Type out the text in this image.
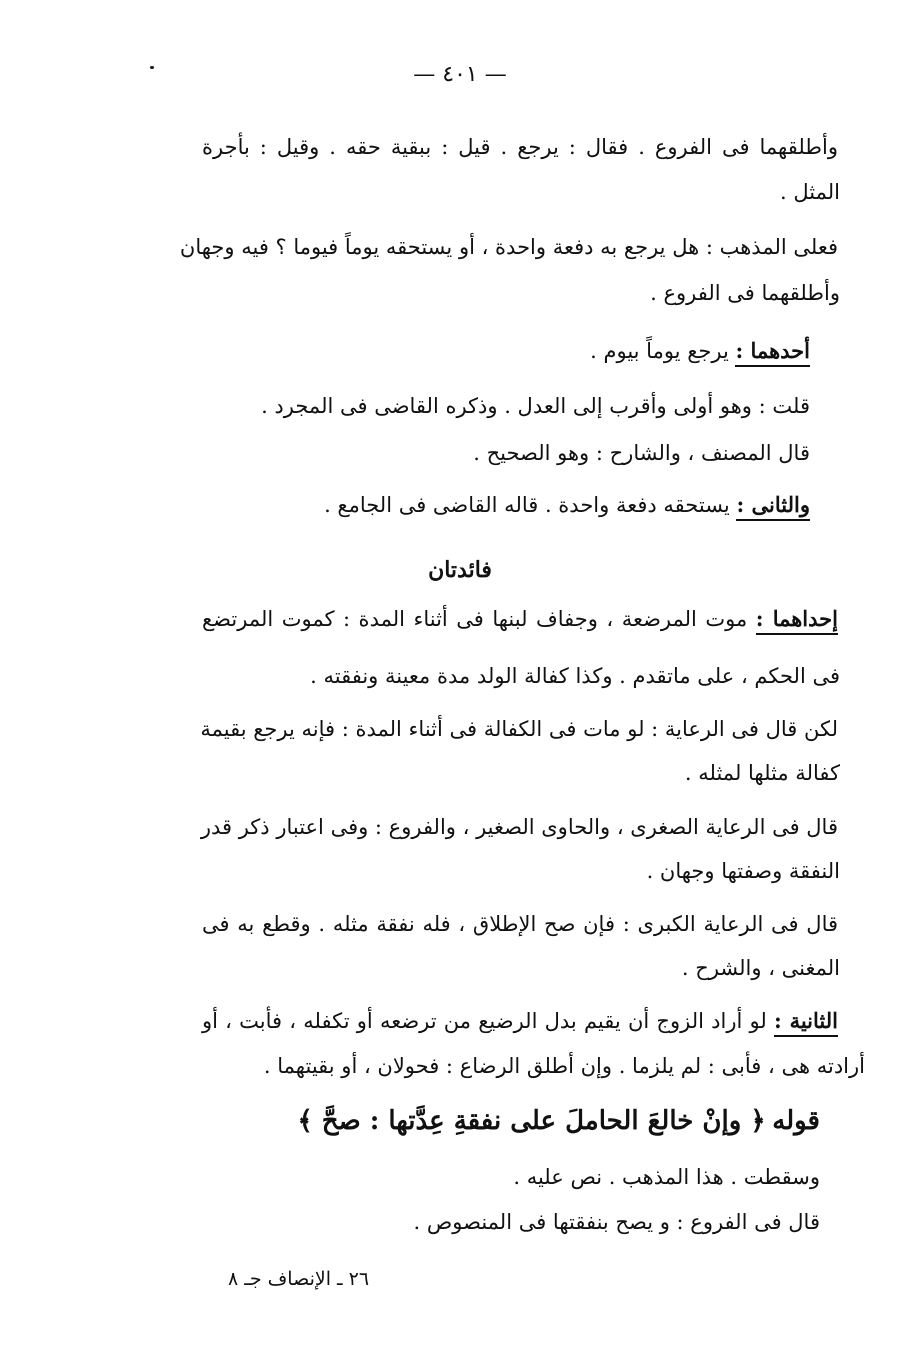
— ٤٠١ —
وأطلقهما فى الفروع . فقال : يرجع . قيل : ببقية حقه . وقيل : بأجرة
المثل .
فعلى المذهب : هل يرجع به دفعة واحدة ، أو يستحقه يوماً فيوما ؟ فيه وجهان
وأطلقهما فى الفروع .
أحدهما : يرجع يوماً بيوم .
قلت : وهو أولى وأقرب إلى العدل . وذكره القاضى فى المجرد .
قال المصنف ، والشارح : وهو الصحيح .
والثانى : يستحقه دفعة واحدة . قاله القاضى فى الجامع .
فائدتان
إحداهما : موت المرضعة ، وجفاف لبنها فى أثناء المدة : كموت المرتضع
فى الحكم ، على ماتقدم . وكذا كفالة الولد مدة معينة ونفقته .
لكن قال فى الرعاية : لو مات فى الكفالة فى أثناء المدة : فإنه يرجع بقيمة
كفالة مثلها لمثله .
قال فى الرعاية الصغرى ، والحاوى الصغير ، والفروع : وفى اعتبار ذكر قدر
النفقة وصفتها وجهان .
قال فى الرعاية الكبرى : فإن صح الإطلاق ، فله نفقة مثله . وقطع به فى
المغنى ، والشرح .
الثانية : لو أراد الزوج أن يقيم بدل الرضيع من ترضعه أو تكفله ، فأبت ، أو
أرادته هى ، فأبى : لم يلزما . وإن أطلق الرضاع : فحولان ، أو بقيتهما .
قوله ﴿ وإنْ خالعَ الحاملَ على نفقةِ عِدَّتها : صحَّ ﴾
وسقطت . هذا المذهب . نص عليه .
قال فى الفروع : و يصح بنفقتها فى المنصوص .
٢٦ ـ الإنصاف جـ ٨
